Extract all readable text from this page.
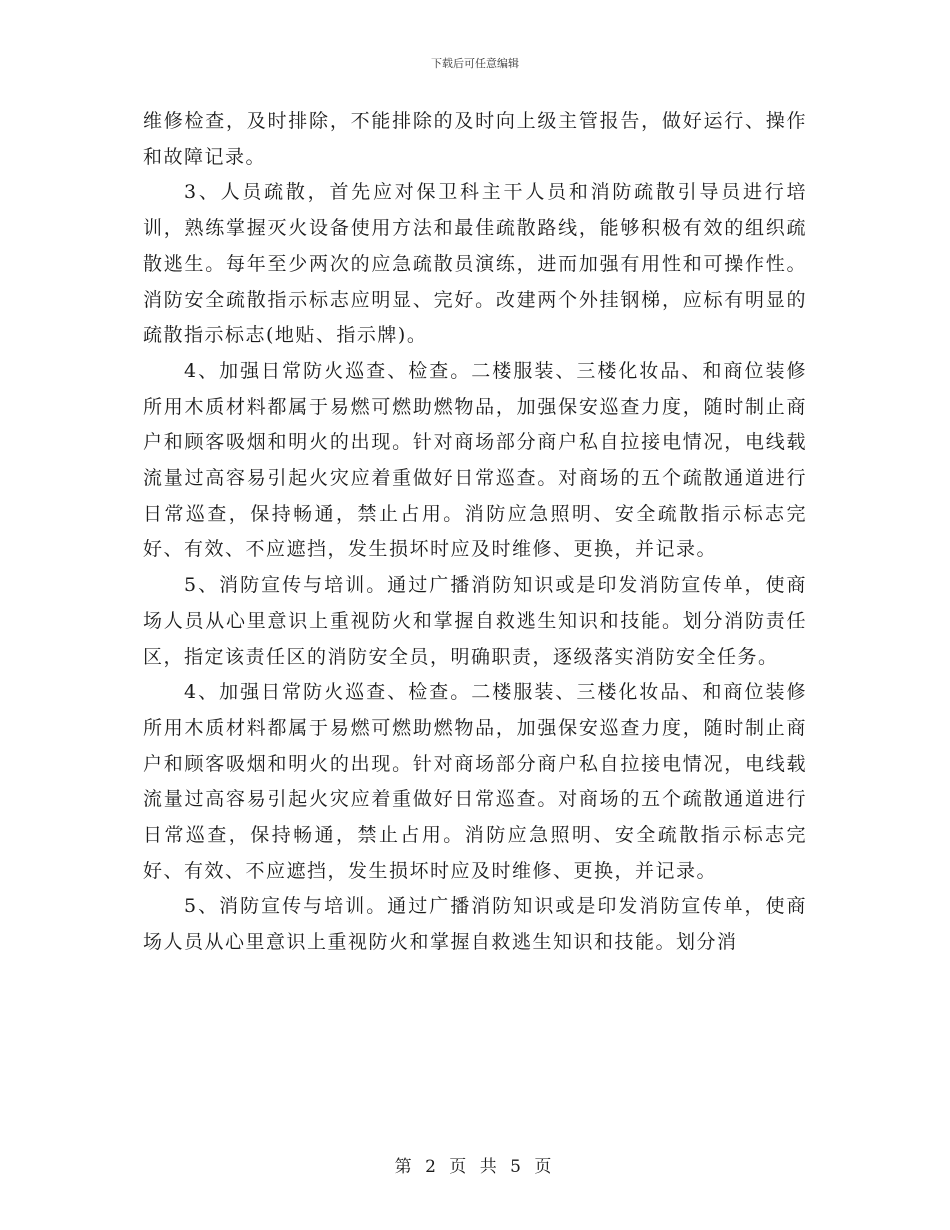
下载后可任意编辑

维修检查，及时排除，不能排除的及时向上级主管报告，做好运行、操作和故障记录。

3、人员疏散，首先应对保卫科主干人员和消防疏散引导员进行培训，熟练掌握灭火设备使用方法和最佳疏散路线，能够积极有效的组织疏散逃生。每年至少两次的应急疏散员演练，进而加强有用性和可操作性。消防安全疏散指示标志应明显、完好。改建两个外挂钢梯，应标有明显的疏散指示标志(地贴、指示牌)。

4、加强日常防火巡查、检查。二楼服装、三楼化妆品、和商位装修所用木质材料都属于易燃可燃助燃物品，加强保安巡查力度，随时制止商户和顾客吸烟和明火的出现。针对商场部分商户私自拉接电情况，电线载流量过高容易引起火灾应着重做好日常巡查。对商场的五个疏散通道进行日常巡查，保持畅通，禁止占用。消防应急照明、安全疏散指示标志完好、有效、不应遮挡，发生损坏时应及时维修、更换，并记录。

5、消防宣传与培训。通过广播消防知识或是印发消防宣传单，使商场人员从心里意识上重视防火和掌握自救逃生知识和技能。划分消防责任区，指定该责任区的消防安全员，明确职责，逐级落实消防安全任务。

4、加强日常防火巡查、检查。二楼服装、三楼化妆品、和商位装修所用木质材料都属于易燃可燃助燃物品，加强保安巡查力度，随时制止商户和顾客吸烟和明火的出现。针对商场部分商户私自拉接电情况，电线载流量过高容易引起火灾应着重做好日常巡查。对商场的五个疏散通道进行日常巡查，保持畅通，禁止占用。消防应急照明、安全疏散指示标志完好、有效、不应遮挡，发生损坏时应及时维修、更换，并记录。

5、消防宣传与培训。通过广播消防知识或是印发消防宣传单，使商场人员从心里意识上重视防火和掌握自救逃生知识和技能。划分消

第 2 页 共 5 页
